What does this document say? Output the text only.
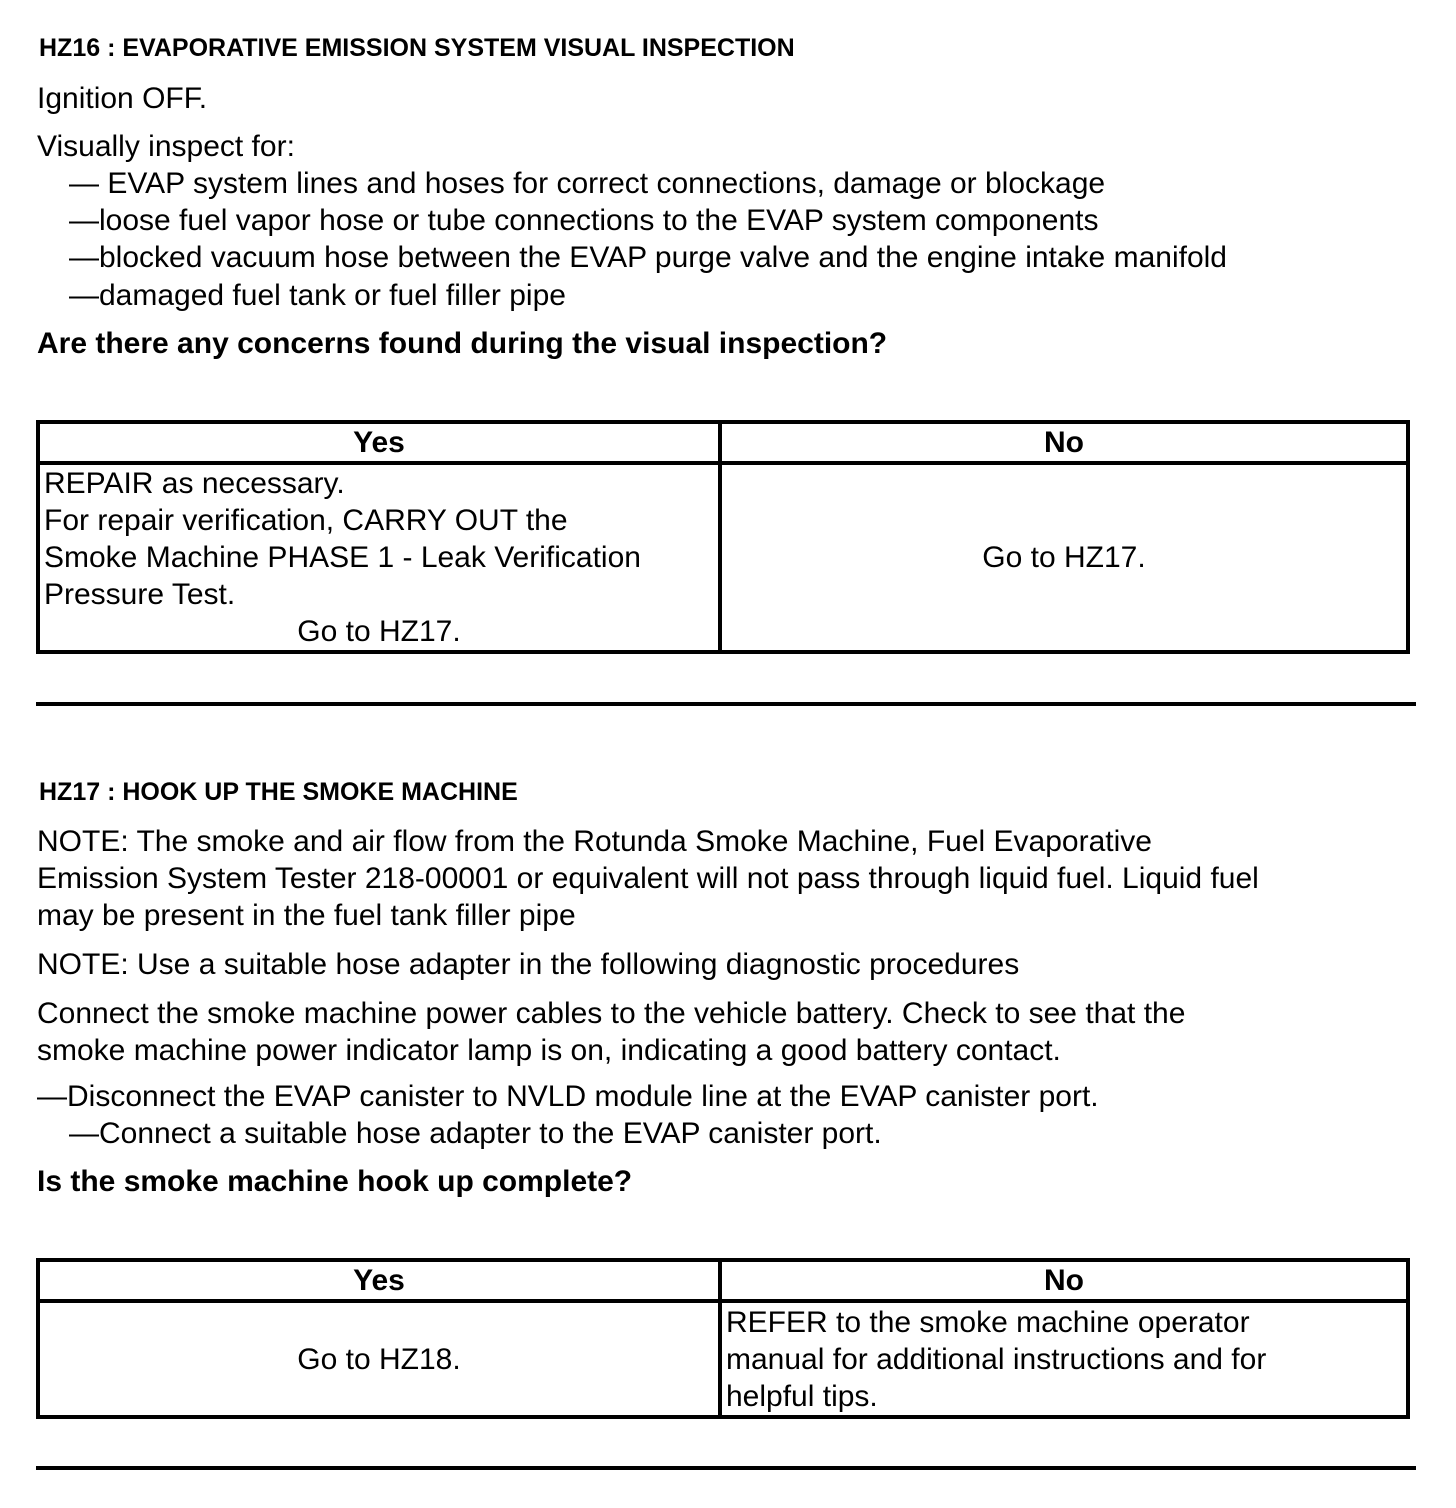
HZ16 : EVAPORATIVE EMISSION SYSTEM VISUAL INSPECTION
Ignition OFF.
Visually inspect for:
— EVAP system lines and hoses for correct connections, damage or blockage
—loose fuel vapor hose or tube connections to the EVAP system components
—blocked vacuum hose between the EVAP purge valve and the engine intake manifold
—damaged fuel tank or fuel filler pipe
Are there any concerns found during the visual inspection?
Yes	No

REPAIR as necessary.
For repair verification, CARRY OUT the
Smoke Machine PHASE 1 - Leak Verification
Pressure Test.
Go to HZ17.	Go to HZ17.
HZ17 : HOOK UP THE SMOKE MACHINE
NOTE: The smoke and air flow from the Rotunda Smoke Machine, Fuel Evaporative
Emission System Tester 218-00001 or equivalent will not pass through liquid fuel. Liquid fuel
may be present in the fuel tank filler pipe
NOTE: Use a suitable hose adapter in the following diagnostic procedures
Connect the smoke machine power cables to the vehicle battery. Check to see that the
smoke machine power indicator lamp is on, indicating a good battery contact.
—Disconnect the EVAP canister to NVLD module line at the EVAP canister port.
—Connect a suitable hose adapter to the EVAP canister port.
Is the smoke machine hook up complete?
Yes	No
Go to HZ18.	REFER to the smoke machine operator
manual for additional instructions and for
helpful tips.
